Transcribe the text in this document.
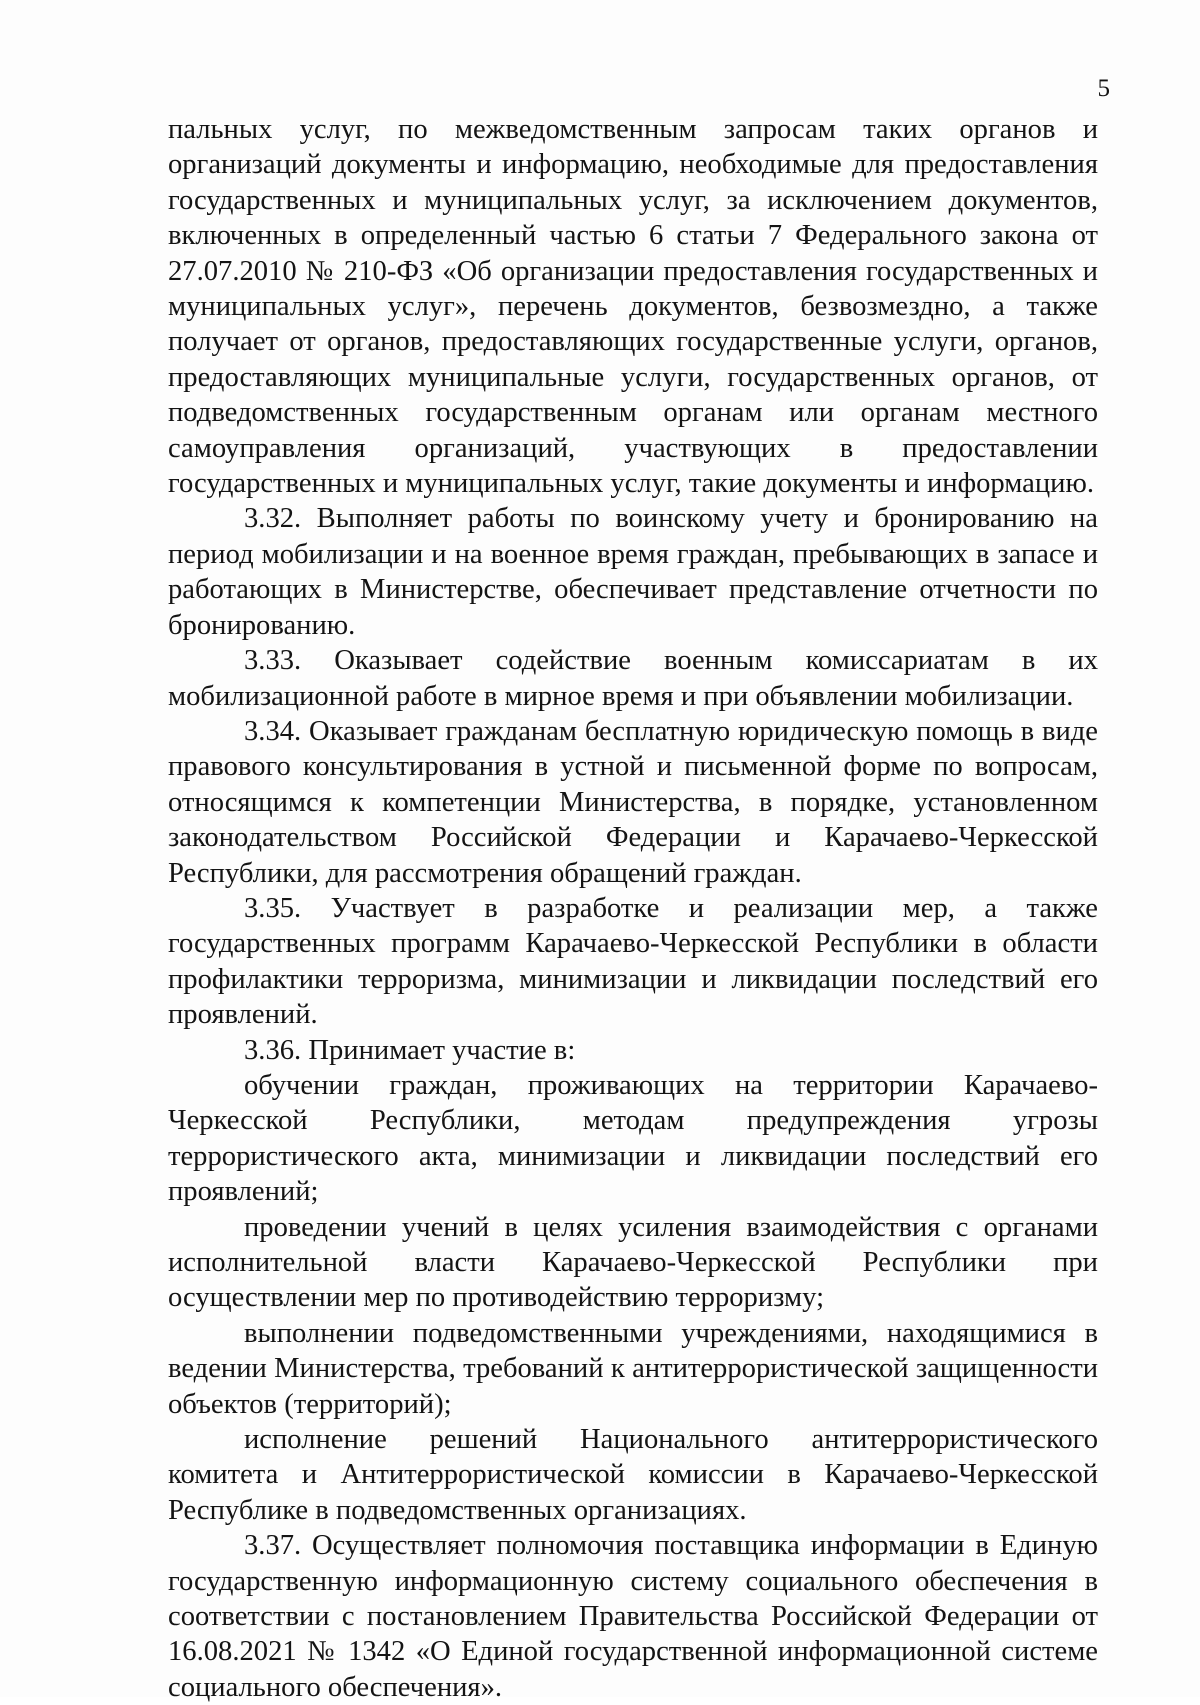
5

пальных услуг, по межведомственным запросам таких органов и организаций документы и информацию, необходимые для предоставления государственных и муниципальных услуг, за исключением документов, включенных в определенный частью 6 статьи 7 Федерального закона от 27.07.2010 № 210-ФЗ «Об организации предоставления государственных и муниципальных услуг», перечень документов, безвозмездно, а также получает от органов, предоставляющих государственные услуги, органов, предоставляющих муниципальные услуги, государственных органов, от подведомственных государственным органам или органам местного самоуправления организаций, участвующих в предоставлении государственных и муниципальных услуг, такие документы и информацию.

3.32. Выполняет работы по воинскому учету и бронированию на период мобилизации и на военное время граждан, пребывающих в запасе и работающих в Министерстве, обеспечивает представление отчетности по бронированию.

3.33. Оказывает содействие военным комиссариатам в их мобилизационной работе в мирное время и при объявлении мобилизации.

3.34. Оказывает гражданам бесплатную юридическую помощь в виде правового консультирования в устной и письменной форме по вопросам, относящимся к компетенции Министерства, в порядке, установленном законодательством Российской Федерации и Карачаево-Черкесской Республики, для рассмотрения обращений граждан.

3.35. Участвует в разработке и реализации мер, а также государственных программ Карачаево-Черкесской Республики в области профилактики терроризма, минимизации и ликвидации последствий его проявлений.

3.36. Принимает участие в:

обучении граждан, проживающих на территории Карачаево-Черкесской Республики, методам предупреждения угрозы террористического акта, минимизации и ликвидации последствий его проявлений;

проведении учений в целях усиления взаимодействия с органами исполнительной власти Карачаево-Черкесской Республики при осуществлении мер по противодействию терроризму;

выполнении подведомственными учреждениями, находящимися в ведении Министерства, требований к антитеррористической защищенности объектов (территорий);

исполнение решений Национального антитеррористического комитета и Антитеррористической комиссии в Карачаево-Черкесской Республике в подведомственных организациях.

3.37. Осуществляет полномочия поставщика информации в Единую государственную информационную систему социального обеспечения в соответствии с постановлением Правительства Российской Федерации от 16.08.2021 № 1342 «О Единой государственной информационной системе социального обеспечения».
